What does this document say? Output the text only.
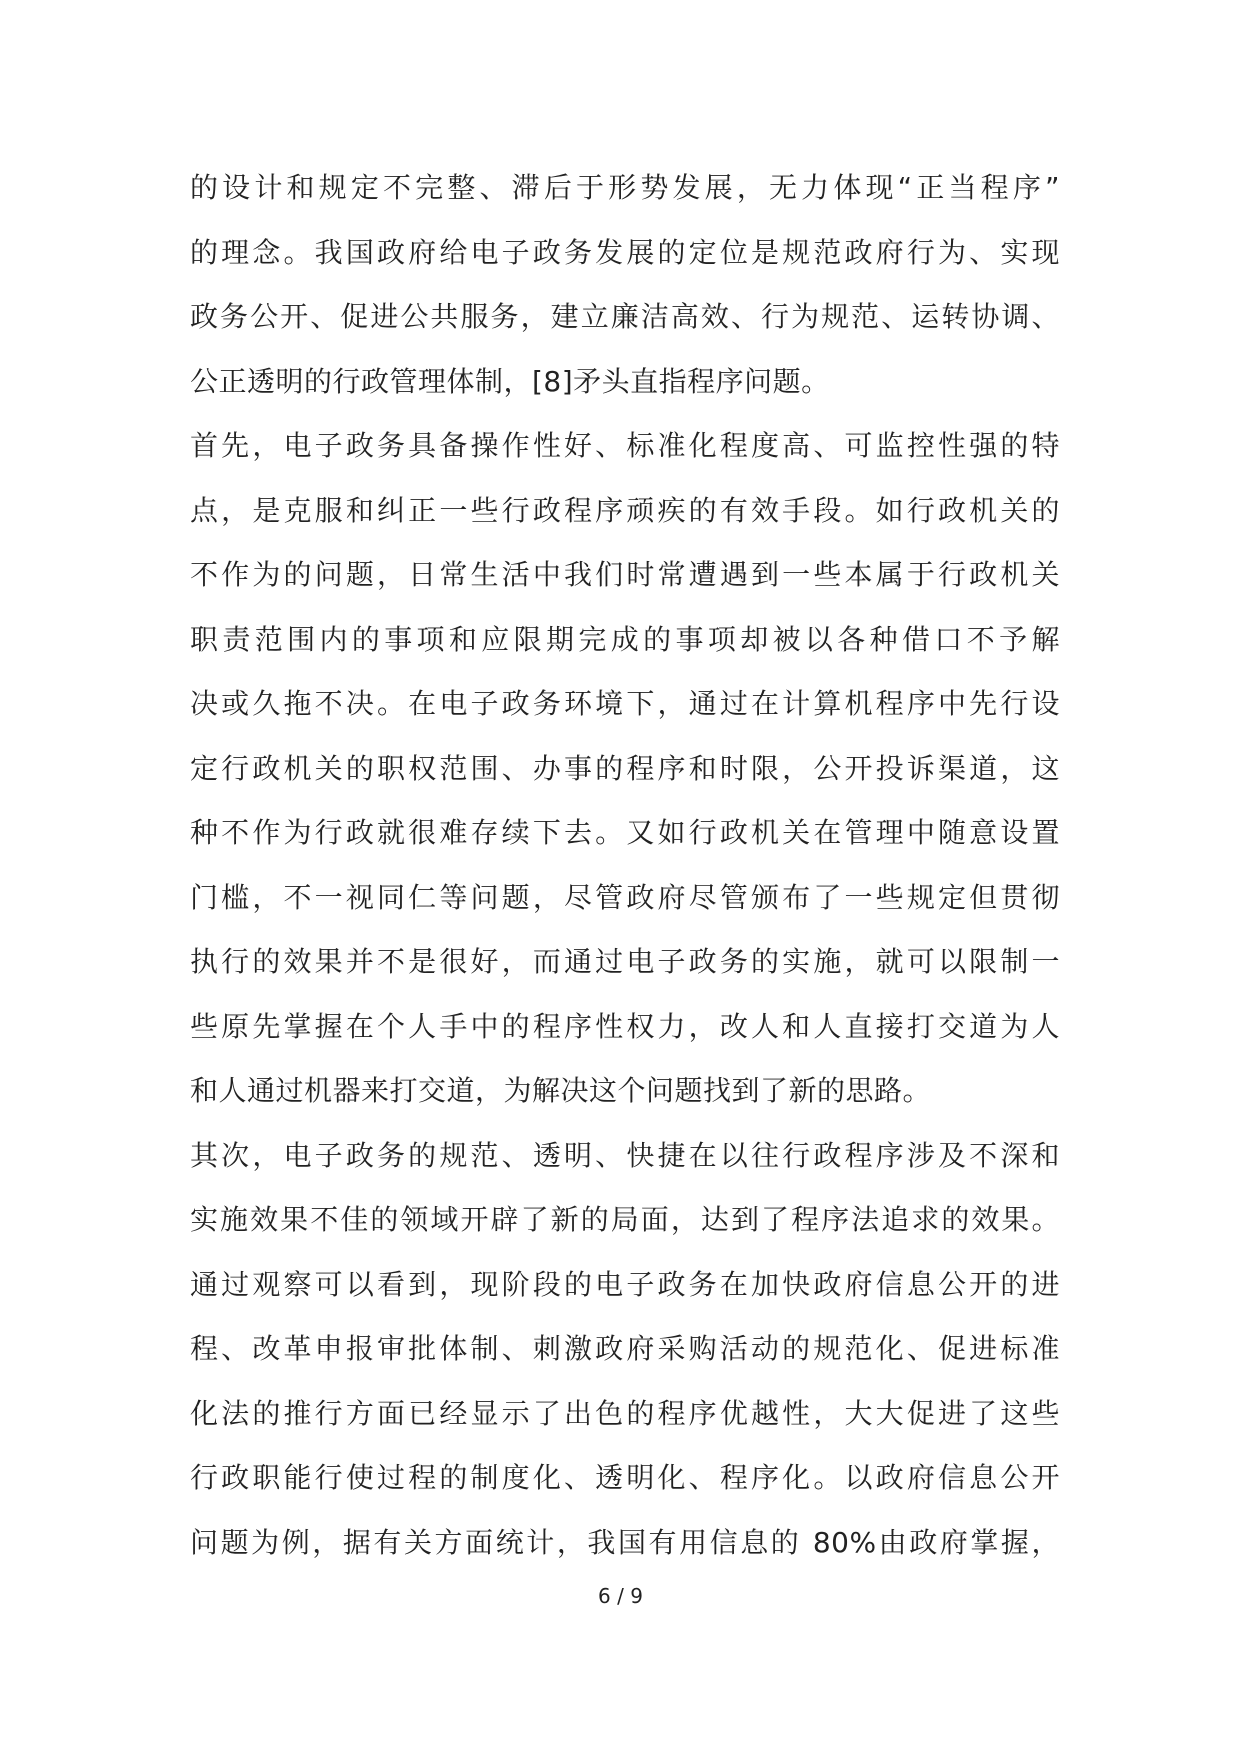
的设计和规定不完整、滞后于形势发展，无力体现“正当程序”
的理念。我国政府给电子政务发展的定位是规范政府行为、实现
政务公开、促进公共服务，建立廉洁高效、行为规范、运转协调、
公正透明的行政管理体制，[8]矛头直指程序问题。
首先，电子政务具备操作性好、标准化程度高、可监控性强的特
点，是克服和纠正一些行政程序顽疾的有效手段。如行政机关的
不作为的问题，日常生活中我们时常遭遇到一些本属于行政机关
职责范围内的事项和应限期完成的事项却被以各种借口不予解
决或久拖不决。在电子政务环境下，通过在计算机程序中先行设
定行政机关的职权范围、办事的程序和时限，公开投诉渠道，这
种不作为行政就很难存续下去。又如行政机关在管理中随意设置
门槛，不一视同仁等问题，尽管政府尽管颁布了一些规定但贯彻
执行的效果并不是很好，而通过电子政务的实施，就可以限制一
些原先掌握在个人手中的程序性权力，改人和人直接打交道为人
和人通过机器来打交道，为解决这个问题找到了新的思路。
其次，电子政务的规范、透明、快捷在以往行政程序涉及不深和
实施效果不佳的领域开辟了新的局面，达到了程序法追求的效果。
通过观察可以看到，现阶段的电子政务在加快政府信息公开的进
程、改革申报审批体制、刺激政府采购活动的规范化、促进标准
化法的推行方面已经显示了出色的程序优越性，大大促进了这些
行政职能行使过程的制度化、透明化、程序化。以政府信息公开
问题为例，据有关方面统计，我国有用信息的 80%由政府掌握，
6 / 9
